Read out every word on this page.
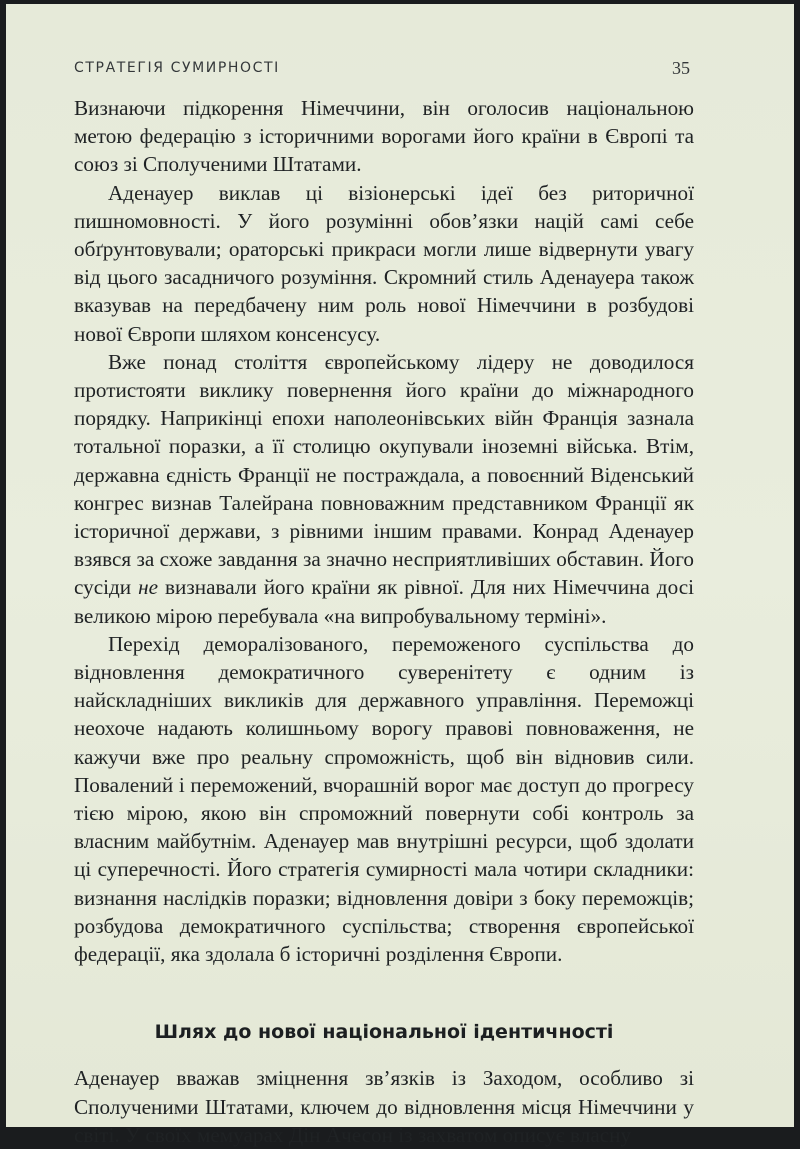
СТРАТЕГІЯ СУМИРНОСТІ	35

Визнаючи підкорення Німеччини, він оголосив національною метою федерацію з історичними ворогами його країни в Європі та союз зі Сполученими Штатами.

Аденауер виклав ці візіонерські ідеї без риторичної пишномовності. У його розумінні обов’язки націй самі себе обґрунтовували; ораторські прикраси могли лише відвернути увагу від цього засадничого розуміння. Скромний стиль Аденауера також вказував на передбачену ним роль нової Німеччини в розбудові нової Європи шляхом консенсусу.

Вже понад століття європейському лідеру не доводилося протистояти виклику повернення його країни до міжнародного порядку. Наприкінці епохи наполеонівських війн Франція зазнала тотальної поразки, а її столицю окупували іноземні війська. Втім, державна єдність Франції не постраждала, а повоєнний Віденський конгрес визнав Талейрана повноважним представником Франції як історичної держави, з рівними іншим правами. Конрад Аденауер взявся за схоже завдання за значно несприятливіших обставин. Його сусіди не визнавали його країни як рівної. Для них Німеччина досі великою мірою перебувала «на випробувальному терміні».

Перехід деморалізованого, переможеного суспільства до відновлення демократичного суверенітету є одним із найскладніших викликів для державного управління. Переможці неохоче надають колишньому ворогу правові повноваження, не кажучи вже про реальну спроможність, щоб він відновив сили. Повалений і переможений, вчорашній ворог має доступ до прогресу тією мірою, якою він спроможний повернути собі контроль за власним майбутнім. Аденауер мав внутрішні ресурси, щоб здолати ці суперечності. Його стратегія сумирності мала чотири складники: визнання наслідків поразки; відновлення довіри з боку переможців; розбудова демократичного суспільства; створення європейської федерації, яка здолала б історичні розділення Європи.

Шлях до нової національної ідентичності

Аденауер вважав зміцнення зв’язків із Заходом, особливо зі Сполученими Штатами, ключем до відновлення місця Німеччини у світі. У своїх мемуарах Дін Ачесон із захватом описує власну
